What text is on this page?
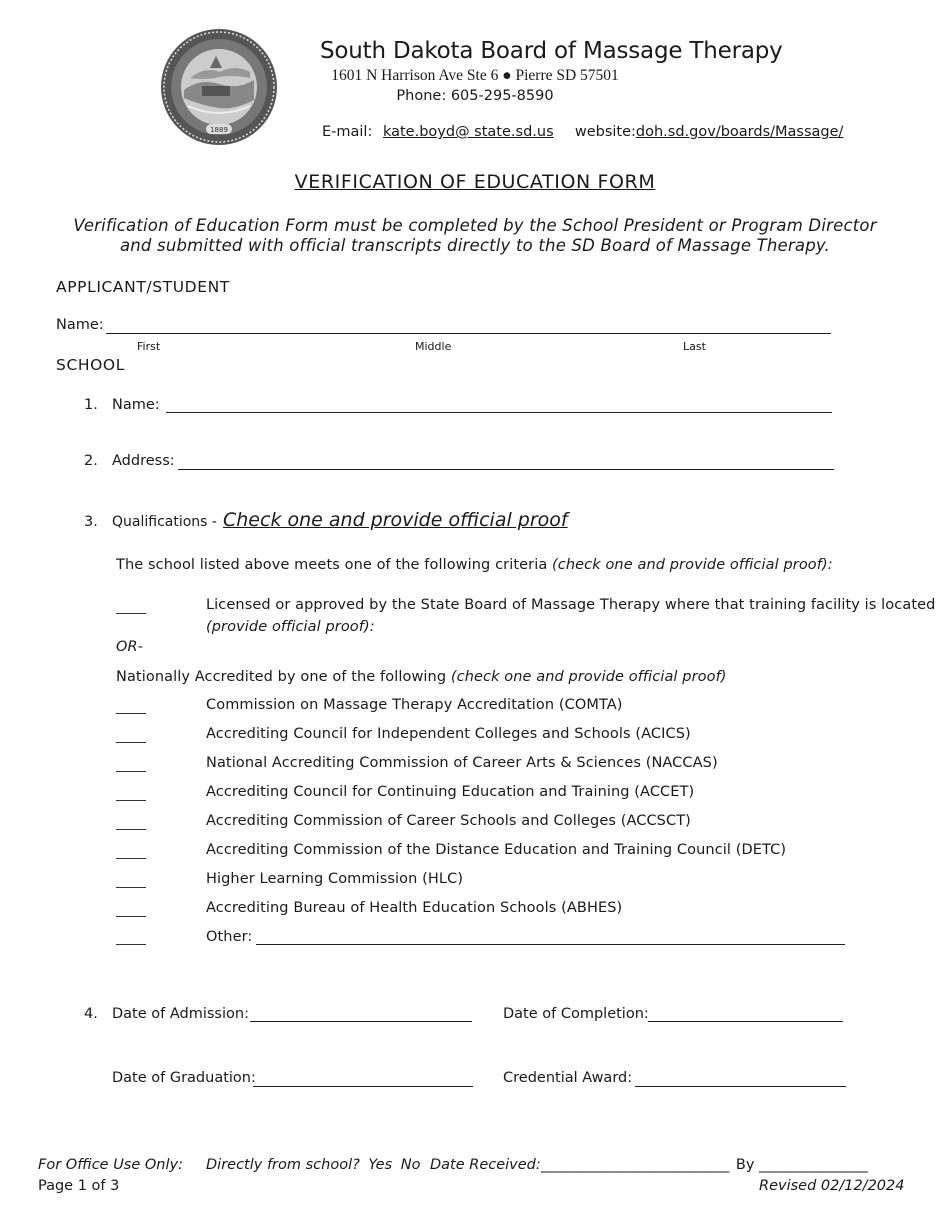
1889
South Dakota Board of Massage Therapy
1601 N Harrison Ave Ste 6 ● Pierre SD 57501
Phone: 605-295-8590
E-mail: kate.boyd@ state.sd.us website:doh.sd.gov/boards/Massage/
VERIFICATION OF EDUCATION FORM
Verification of Education Form must be completed by the School President or Program Director
and submitted with official transcripts directly to the SD Board of Massage Therapy.
APPLICANT/STUDENT
Name:
First	Middle	Last
SCHOOL
1. Name:
2. Address:
3. Qualifications - Check one and provide official proof
The school listed above meets one of the following criteria (check one and provide official proof):
Licensed or approved by the State Board of Massage Therapy where that training facility is located
(provide official proof):
OR-
Nationally Accredited by one of the following (check one and provide official proof)
Commission on Massage Therapy Accreditation (COMTA)
Accrediting Council for Independent Colleges and Schools (ACICS)
National Accrediting Commission of Career Arts & Sciences (NACCAS)
Accrediting Council for Continuing Education and Training (ACCET)
Accrediting Commission of Career Schools and Colleges (ACCSCT)
Accrediting Commission of the Distance Education and Training Council (DETC)
Higher Learning Commission (HLC)
Accrediting Bureau of Health Education Schools (ABHES)
Other:
4. Date of Admission:	Date of Completion:
Date of Graduation:	Credential Award:
For Office Use Only: Directly from school? Yes No Date Received:__________________________ By _______________
Page 1 of 3	Revised 02/12/2024
